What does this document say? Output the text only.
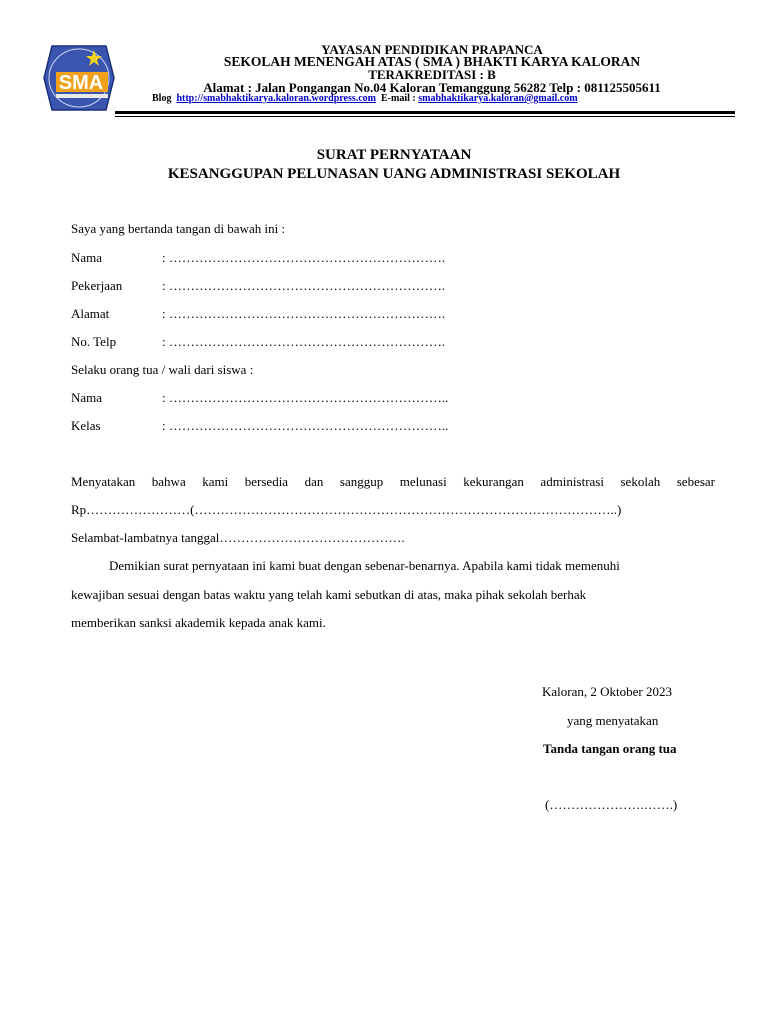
SMA
YAYASAN PENDIDIKAN PRAPANCA
SEKOLAH MENENGAH ATAS ( SMA ) BHAKTI KARYA KALORAN
TERAKREDITASI : B
Alamat : Jalan Pongangan No.04 Kaloran Temanggung 56282 Telp : 081125505611
Blog http://smabhaktikarya.kaloran.wordpress.com E-mail : smabhaktikarya.kaloran@gmail.com
SURAT PERNYATAAN
KESANGGUPAN PELUNASAN UANG ADMINISTRASI SEKOLAH
Saya yang bertanda tangan di bawah ini :
Nama	: ……………………………………………………….
Pekerjaan	: ……………………………………………………….
Alamat	: ……………………………………………………….
No. Telp	: ……………………………………………………….
Selaku orang tua / wali dari siswa :
Nama	: ………………………………………………………..
Kelas	: ………………………………………………………..
Menyatakan bahwa kami bersedia dan sanggup melunasi kekurangan administrasi sekolah sebesar
Rp……………………(……………………………………………………………………………………..)
Selambat-lambatnya tanggal…………………………………….
Demikian surat pernyataan ini kami buat dengan sebenar-benarnya. Apabila kami tidak memenuhi
kewajiban sesuai dengan batas waktu yang telah kami sebutkan di atas, maka pihak sekolah berhak
memberikan sanksi akademik kepada anak kami.
Kaloran, 2 Oktober 2023
yang menyatakan
Tanda tangan orang tua
(………………….…….)
